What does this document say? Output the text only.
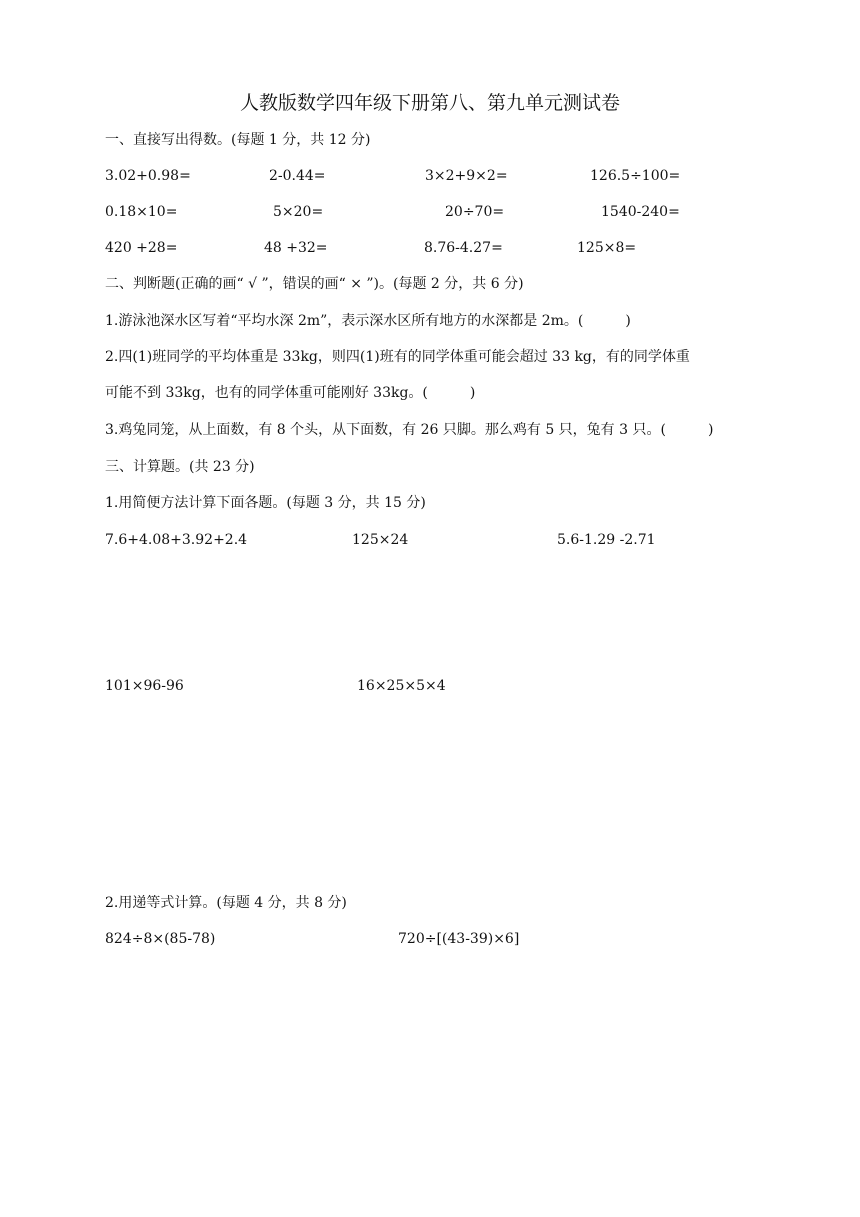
人教版数学四年级下册第八、第九单元测试卷
一、直接写出得数。(每题 1 分，共 12 分)
3.02+0.98=	2-0.44=	3×2+9×2=	126.5÷100=
0.18×10=	5×20=	20÷70=	1540-240=
420 +28=	48 +32=	8.76-4.27=	125×8=
二、判断题(正确的画“ √ ”，错误的画“ × ”)。(每题 2 分，共 6 分)
1.游泳池深水区写着“平均水深 2m”，表示深水区所有地方的水深都是 2m。(　　　)
2.四(1)班同学的平均体重是 33kg，则四(1)班有的同学体重可能会超过 33 kg，有的同学体重
可能不到 33kg，也有的同学体重可能刚好 33kg。(　　　)
3.鸡兔同笼，从上面数，有 8 个头，从下面数，有 26 只脚。那么鸡有 5 只，兔有 3 只。(　　　)
三、计算题。(共 23 分)
1.用简便方法计算下面各题。(每题 3 分，共 15 分)
7.6+4.08+3.92+2.4	125×24	5.6-1.29 -2.71
101×96-96	16×25×5×4
2.用递等式计算。(每题 4 分，共 8 分)
824÷8×(85-78)	720÷[(43-39)×6]
